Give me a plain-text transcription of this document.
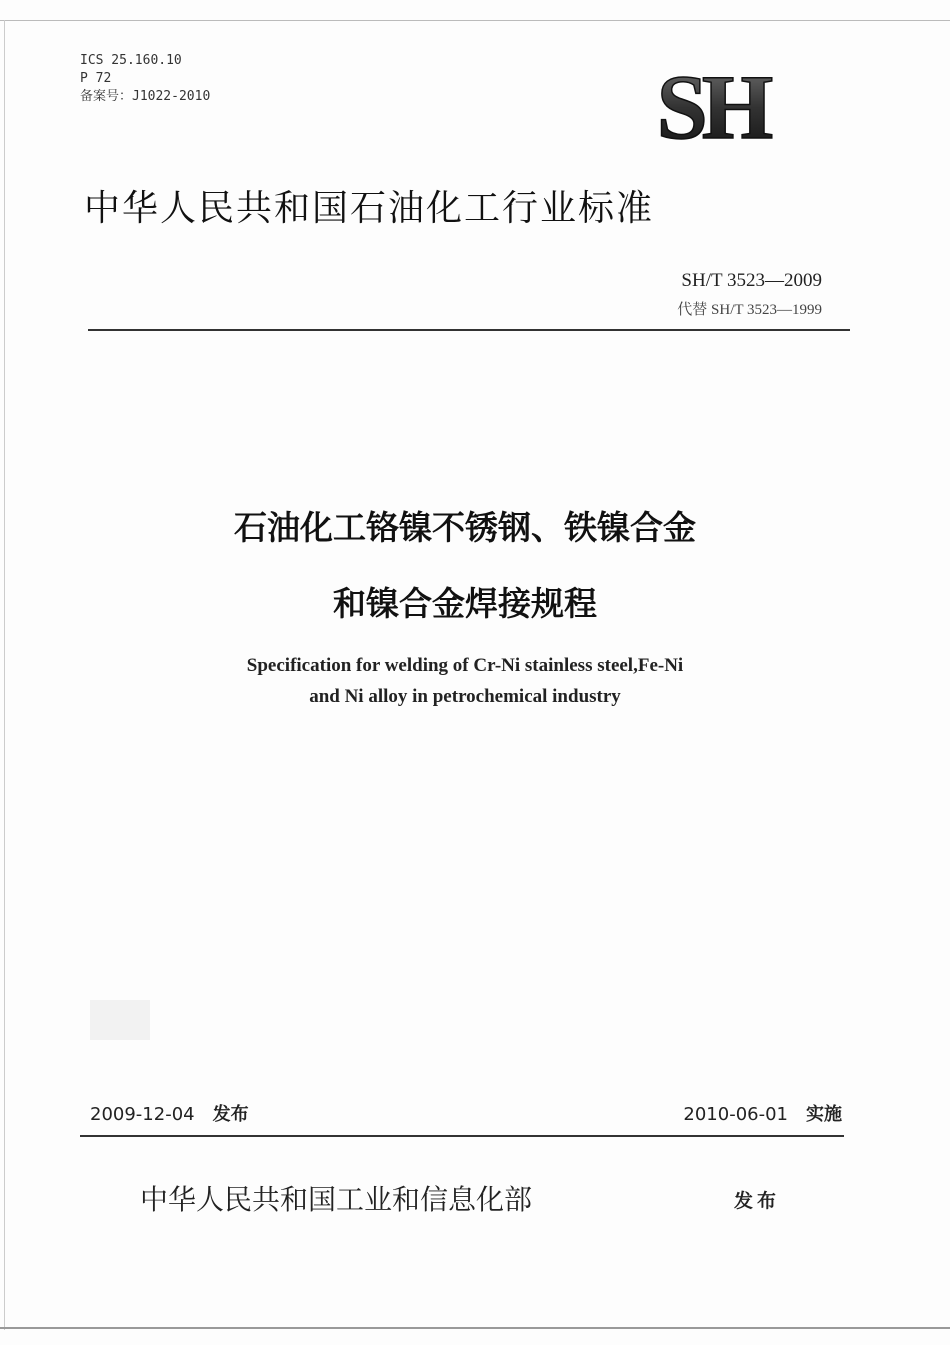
ICS 25.160.10
P 72
备案号：J1022-2010	SH
中华人民共和国石油化工行业标准
SH/T 3523—2009
代替 SH/T 3523—1999
石油化工铬镍不锈钢、铁镍合金
和镍合金焊接规程
Specification for welding of Cr-Ni stainless steel,Fe-Ni
and Ni alloy in petrochemical industry
2009-12-04 发布	2010-06-01 实施
中华人民共和国工业和信息化部	发布
